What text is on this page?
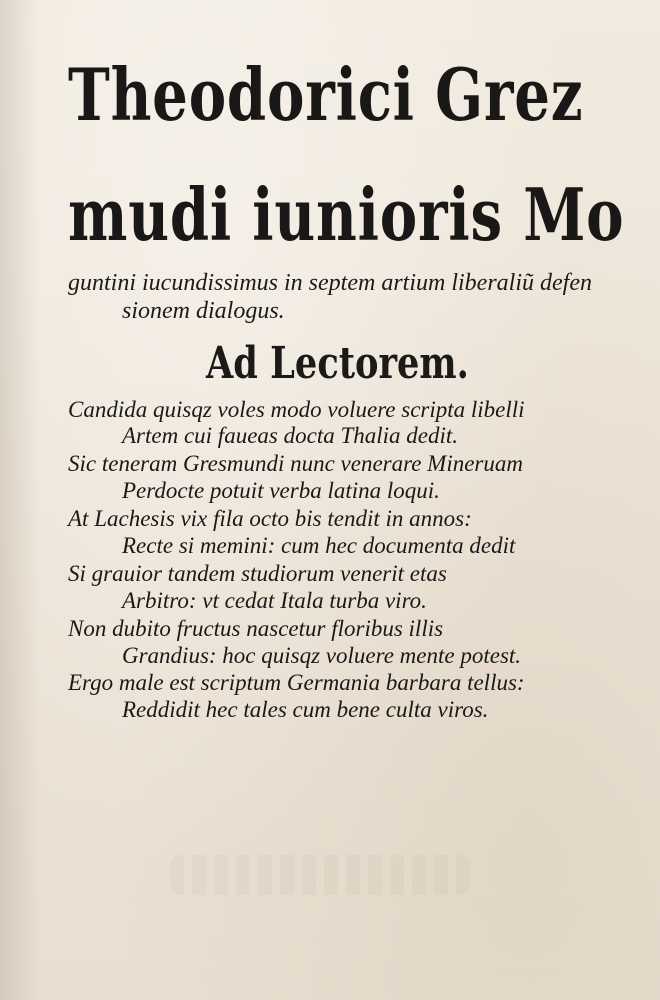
Theodorici Grez
mudi iunioris Mo
guntini iucundissimus in septem artium liberaliũ defen
sionem dialogus.
Ad Lectorem.
Candida quisqz voles modo voluere scripta libelli
Artem cui faueas docta Thalia dedit.
Sic teneram Gresmundi nunc venerare Mineruam
Perdocte potuit verba latina loqui.
At Lachesis vix fila octo bis tendit in annos:
Recte si memini: cum hec documenta dedit
Si grauior tandem studiorum venerit etas
Arbitro: vt cedat Itala turba viro.
Non dubito fructus nascetur floribus illis
Grandius: hoc quisqz voluere mente potest.
Ergo male est scriptum Germania barbara tellus:
Reddidit hec tales cum bene culta viros.
